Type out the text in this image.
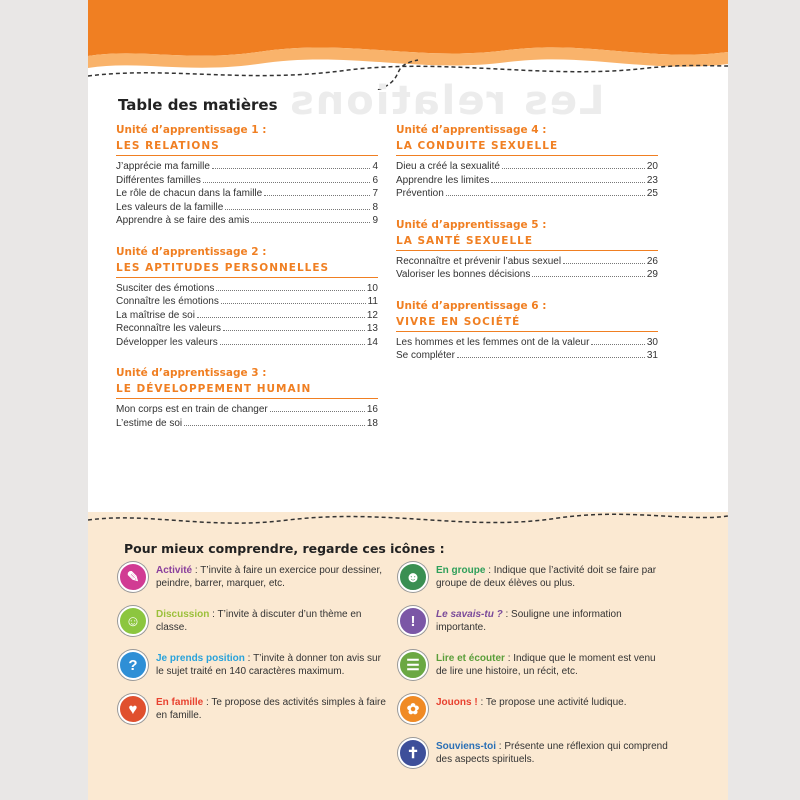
Les relations
Table des matières
Unité d’apprentissage 1 :
LES RELATIONS
J’apprécie ma famille	4
Différentes familles	6
Le rôle de chacun dans la famille	7
Les valeurs de la famille	8
Apprendre à se faire des amis	9
Unité d’apprentissage 2 :
LES APTITUDES PERSONNELLES
Susciter des émotions	10
Connaître les émotions	11
La maîtrise de soi	12
Reconnaître les valeurs	13
Développer les valeurs	14
Unité d’apprentissage 3 :
LE DÉVELOPPEMENT HUMAIN
Mon corps est en train de changer	16
L’estime de soi	18
Unité d’apprentissage 4 :
LA CONDUITE SEXUELLE
Dieu a créé la sexualité	20
Apprendre les limites	23
Prévention	25
Unité d’apprentissage 5 :
LA SANTÉ SEXUELLE
Reconnaître et prévenir l’abus sexuel	26
Valoriser les bonnes décisions	29
Unité d’apprentissage 6 :
VIVRE EN SOCIÉTÉ
Les hommes et les femmes ont de la valeur	30
Se compléter	31
Pour mieux comprendre, regarde ces icônes :
✎	Activité : T’invite à faire un exercice pour dessiner, peindre, barrer, marquer, etc.
☺	Discussion : T’invite à discuter d’un thème en classe.
?	Je prends position : T’invite à donner ton avis sur le sujet traité en 140 caractères maximum.
♥	En famille : Te propose des activités simples à faire en famille.
☻	En groupe : Indique que l’activité doit se faire par groupe de deux élèves ou plus.
!	Le savais-tu ? : Souligne une information importante.
☰	Lire et écouter : Indique que le moment est venu de lire une histoire, un récit, etc.
✿	Jouons ! : Te propose une activité ludique.
✝	Souviens-toi : Présente une réflexion qui comprend des aspects spirituels.
